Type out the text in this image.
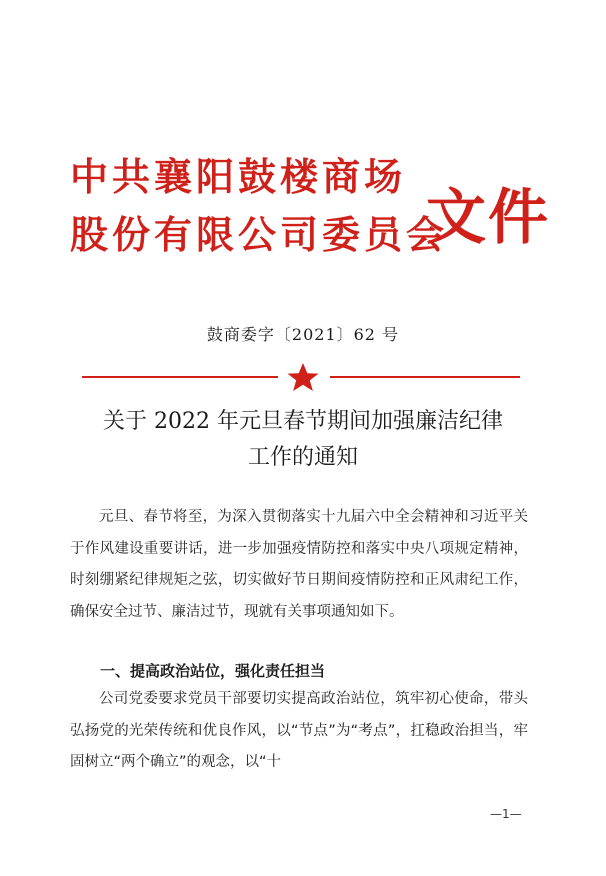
中共襄阳鼓楼商场
股份有限公司委员会
文件
鼓商委字〔2021〕62 号
关于 2022 年元旦春节期间加强廉洁纪律
工作的通知

元旦、春节将至，为深入贯彻落实十九届六中全会精神和习近平关于作风建设重要讲话，进一步加强疫情防控和落实中央八项规定精神，时刻绷紧纪律规矩之弦，切实做好节日期间疫情防控和正风肃纪工作，确保安全过节、廉洁过节，现就有关事项通知如下。

一、提高政治站位，强化责任担当

公司党委要求党员干部要切实提高政治站位，筑牢初心使命，带头弘扬党的光荣传统和优良作风，以“节点”为“考点”，扛稳政治担当，牢固树立“两个确立”的观念，以“十

—1—
